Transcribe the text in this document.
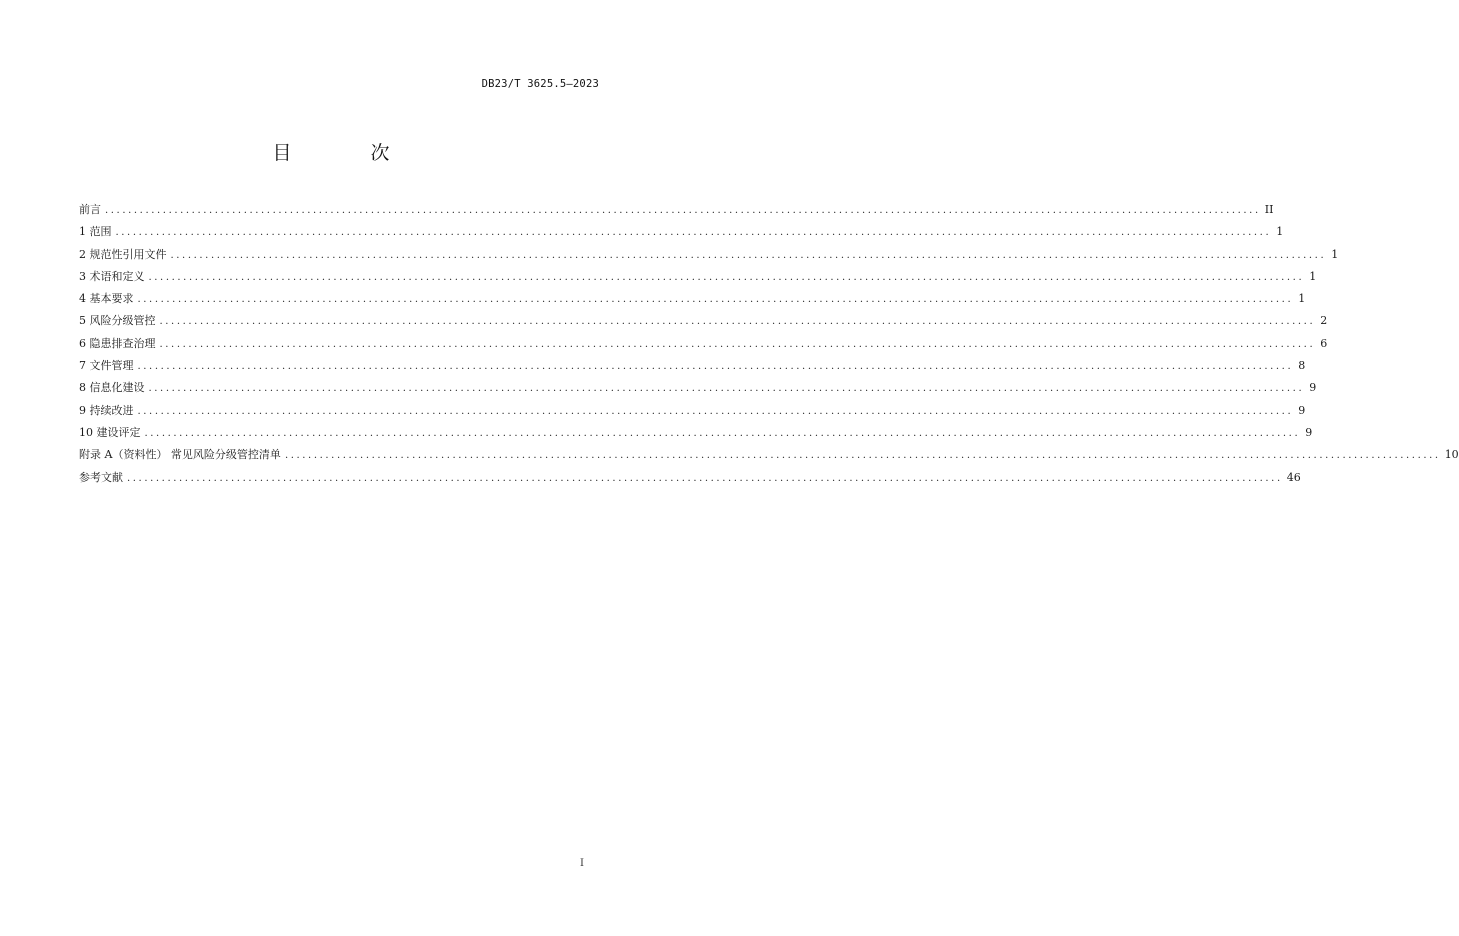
DB23/T 3625.5—2023
目　次
前言 ........................................................................................................................................................................................................ II
1 范围 ........................................................................................................................................................................................................ 1
2 规范性引用文件 ........................................................................................................................................................................................................ 1
3 术语和定义 ........................................................................................................................................................................................................ 1
4 基本要求 ........................................................................................................................................................................................................ 1
5 风险分级管控 ........................................................................................................................................................................................................ 2
6 隐患排查治理 ........................................................................................................................................................................................................ 6
7 文件管理 ........................................................................................................................................................................................................ 8
8 信息化建设 ........................................................................................................................................................................................................ 9
9 持续改进 ........................................................................................................................................................................................................ 9
10 建设评定 ........................................................................................................................................................................................................ 9
附录 A（资料性） 常见风险分级管控清单 ........................................................................................................................................................................................................ 10
参考文献 ........................................................................................................................................................................................................ 46
I
